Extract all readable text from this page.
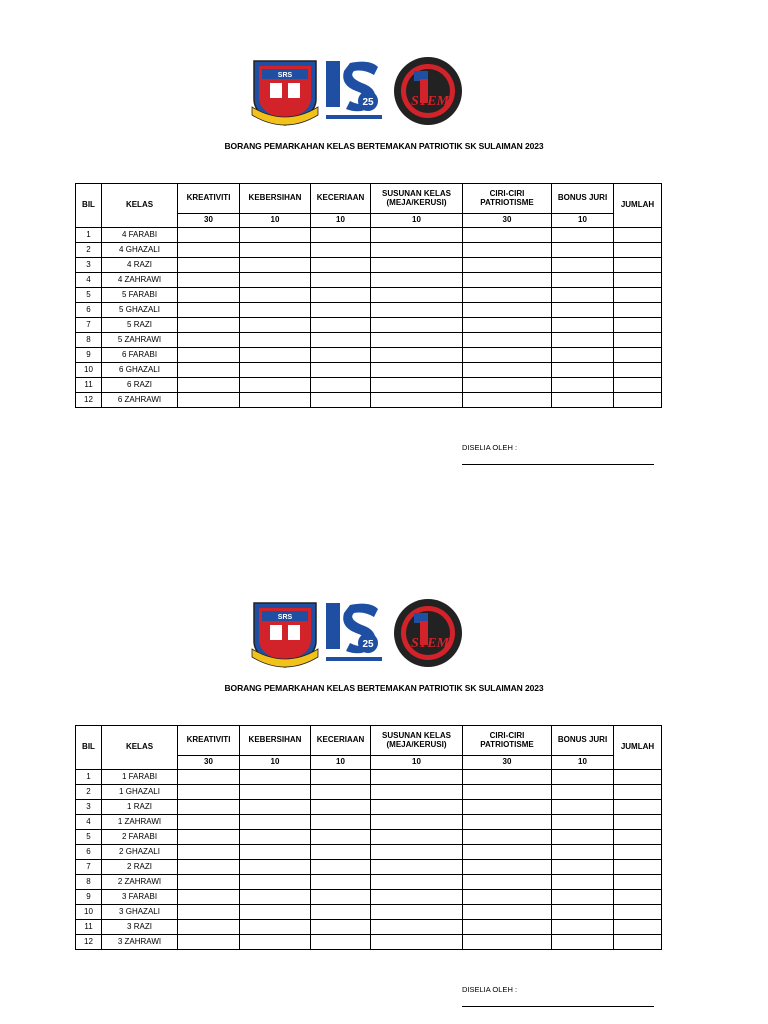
SRS
25	STEM
BORANG PEMARKAHAN KELAS BERTEMAKAN PATRIOTIK SK SULAIMAN 2023
BIL	KELAS	KREATIVITI	KEBERSIHAN	KECERIAAN	SUSUNAN KELAS
(MEJA/KERUSI)	CIRI-CIRI
PATRIOTISME	BONUS JURI	JUMLAH
		30	10	10	10	30	10	
1	4 FARABI							
2	4 GHAZALI							
3	4 RAZI							
4	4 ZAHRAWI							
5	5 FARABI							
6	5 GHAZALI							
7	5 RAZI							
8	5 ZAHRAWI							
9	6 FARABI							
10	6 GHAZALI							
11	6 RAZI							
12	6 ZAHRAWI							
DISELIA OLEH :
SRS
25	STEM
BORANG PEMARKAHAN KELAS BERTEMAKAN PATRIOTIK SK SULAIMAN 2023
BIL	KELAS	KREATIVITI	KEBERSIHAN	KECERIAAN	SUSUNAN KELAS
(MEJA/KERUSI)	CIRI-CIRI
PATRIOTISME	BONUS JURI	JUMLAH
		30	10	10	10	30	10	
1	1 FARABI							
2	1 GHAZALI							
3	1 RAZI							
4	1 ZAHRAWI							
5	2 FARABI							
6	2 GHAZALI							
7	2 RAZI							
8	2 ZAHRAWI							
9	3 FARABI							
10	3 GHAZALI							
11	3 RAZI							
12	3 ZAHRAWI							
DISELIA OLEH :
